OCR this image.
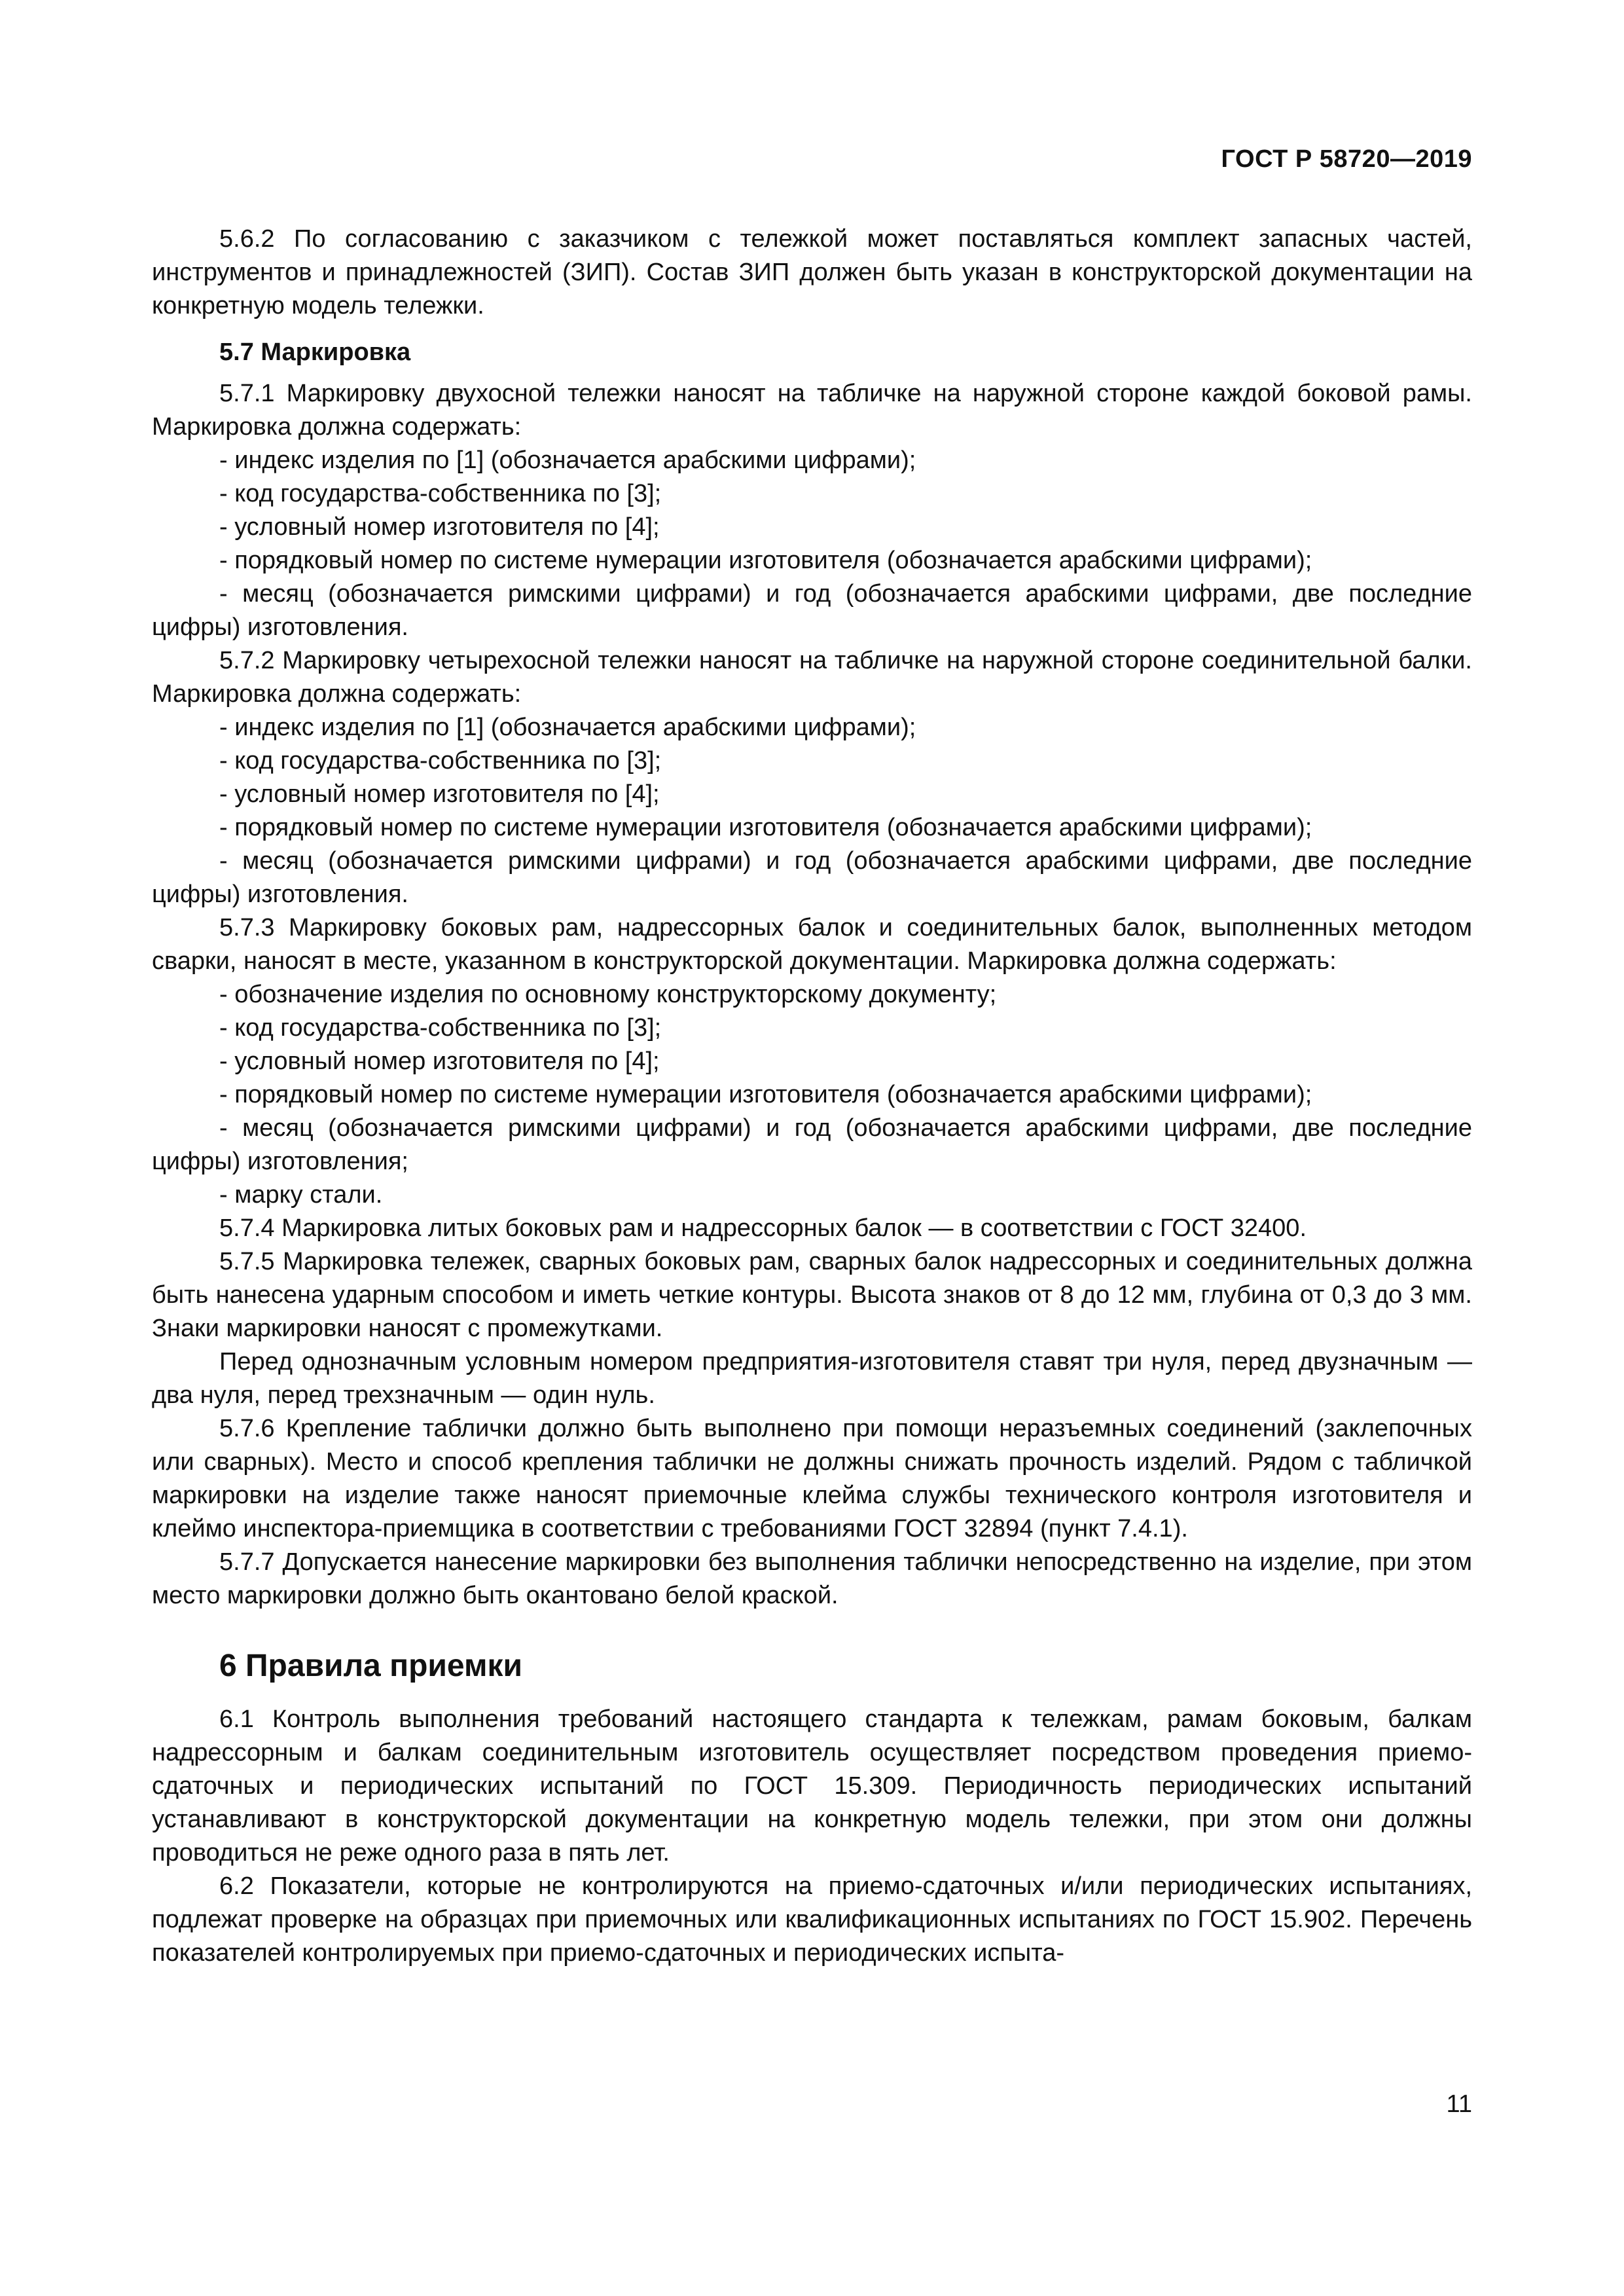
ГОСТ Р 58720—2019

5.6.2 По согласованию с заказчиком с тележкой может поставляться комплект запасных частей, инструментов и принадлежностей (ЗИП). Состав ЗИП должен быть указан в конструкторской документации на конкретную модель тележки.

5.7 Маркировка

5.7.1 Маркировку двухосной тележки наносят на табличке на наружной стороне каждой боковой рамы. Маркировка должна содержать:

- индекс изделия по [1] (обозначается арабскими цифрами);

- код государства-собственника по [3];

- условный номер изготовителя по [4];

- порядковый номер по системе нумерации изготовителя (обозначается арабскими цифрами);

- месяц (обозначается римскими цифрами) и год (обозначается арабскими цифрами, две последние цифры) изготовления.

5.7.2 Маркировку четырехосной тележки наносят на табличке на наружной стороне соединительной балки. Маркировка должна содержать:

- индекс изделия по [1] (обозначается арабскими цифрами);

- код государства-собственника по [3];

- условный номер изготовителя по [4];

- порядковый номер по системе нумерации изготовителя (обозначается арабскими цифрами);

- месяц (обозначается римскими цифрами) и год (обозначается арабскими цифрами, две последние цифры) изготовления.

5.7.3 Маркировку боковых рам, надрессорных балок и соединительных балок, выполненных методом сварки, наносят в месте, указанном в конструкторской документации. Маркировка должна содержать:

- обозначение изделия по основному конструкторскому документу;

- код государства-собственника по [3];

- условный номер изготовителя по [4];

- порядковый номер по системе нумерации изготовителя (обозначается арабскими цифрами);

- месяц (обозначается римскими цифрами) и год (обозначается арабскими цифрами, две последние цифры) изготовления;

- марку стали.

5.7.4 Маркировка литых боковых рам и надрессорных балок — в соответствии с ГОСТ 32400.

5.7.5 Маркировка тележек, сварных боковых рам, сварных балок надрессорных и соединительных должна быть нанесена ударным способом и иметь четкие контуры. Высота знаков от 8 до 12 мм, глубина от 0,3 до 3 мм. Знаки маркировки наносят с промежутками.

Перед однозначным условным номером предприятия-изготовителя ставят три нуля, перед двузначным — два нуля, перед трехзначным — один нуль.

5.7.6 Крепление таблички должно быть выполнено при помощи неразъемных соединений (заклепочных или сварных). Место и способ крепления таблички не должны снижать прочность изделий. Рядом с табличкой маркировки на изделие также наносят приемочные клейма службы технического контроля изготовителя и клеймо инспектора-приемщика в соответствии с требованиями ГОСТ 32894 (пункт 7.4.1).

5.7.7 Допускается нанесение маркировки без выполнения таблички непосредственно на изделие, при этом место маркировки должно быть окантовано белой краской.

6 Правила приемки

6.1 Контроль выполнения требований настоящего стандарта к тележкам, рамам боковым, балкам надрессорным и балкам соединительным изготовитель осуществляет посредством проведения приемо-сдаточных и периодических испытаний по ГОСТ 15.309. Периодичность периодических испытаний устанавливают в конструкторской документации на конкретную модель тележки, при этом они должны проводиться не реже одного раза в пять лет.

6.2 Показатели, которые не контролируются на приемо-сдаточных и/или периодических испытаниях, подлежат проверке на образцах при приемочных или квалификационных испытаниях по ГОСТ 15.902. Перечень показателей контролируемых при приемо-сдаточных и периодических испыта-

11
